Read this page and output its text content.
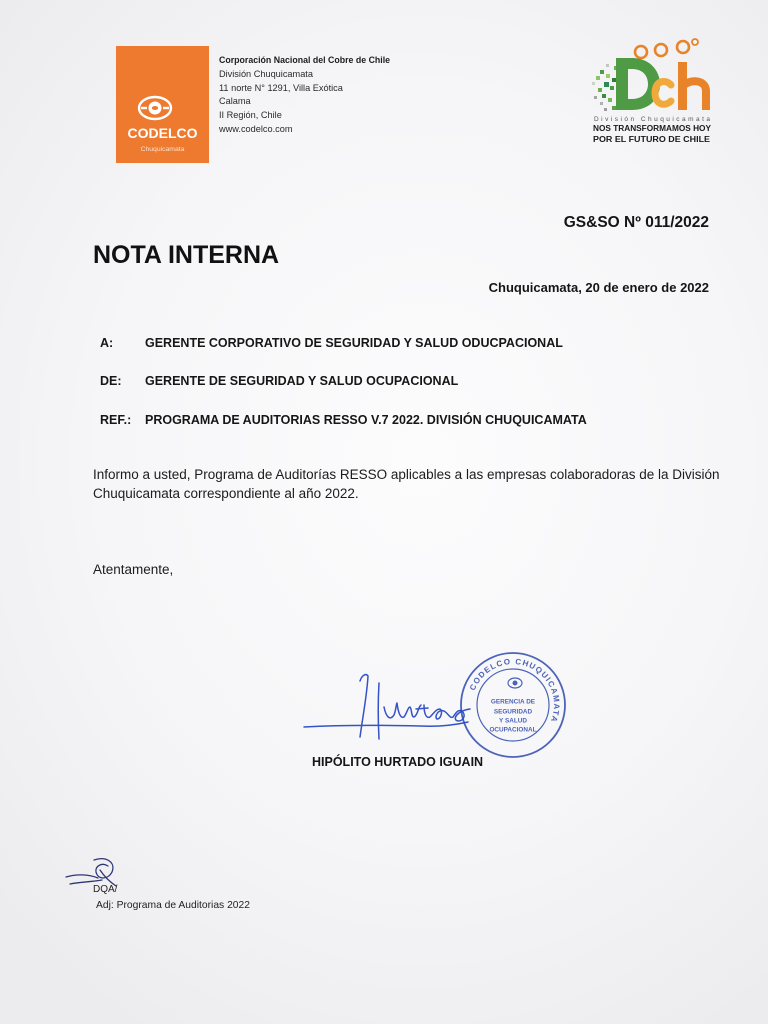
CODELCO
Chuquicamata
Corporación Nacional del Cobre de Chile
División Chuquicamata
11 norte N° 1291, Villa Exótica
Calama
II Región, Chile
www.codelco.com
División Chuquicamata
NOS TRANSFORMAMOS HOY
POR EL FUTURO DE CHILE
GS&SO Nº 011/2022
NOTA INTERNA
Chuquicamata, 20 de enero de 2022
A:	GERENTE CORPORATIVO DE SEGURIDAD Y SALUD ODUCPACIONAL
DE: GERENTE DE SEGURIDAD Y SALUD OCUPACIONAL
REF.: PROGRAMA DE AUDITORIAS RESSO V.7 2022. DIVISIÓN CHUQUICAMATA
Informo a usted, Programa de Auditorías RESSO aplicables a las empresas colaboradoras de la División
Chuquicamata correspondiente al año 2022.
Atentamente,
CODELCO CHUQUICAMATA
GERENCIA DE
SEGURIDAD
Y SALUD
OCUPACIONAL
HIPÓLITO HURTADO IGUAIN
DQA/
Adj: Programa de Auditorias 2022
